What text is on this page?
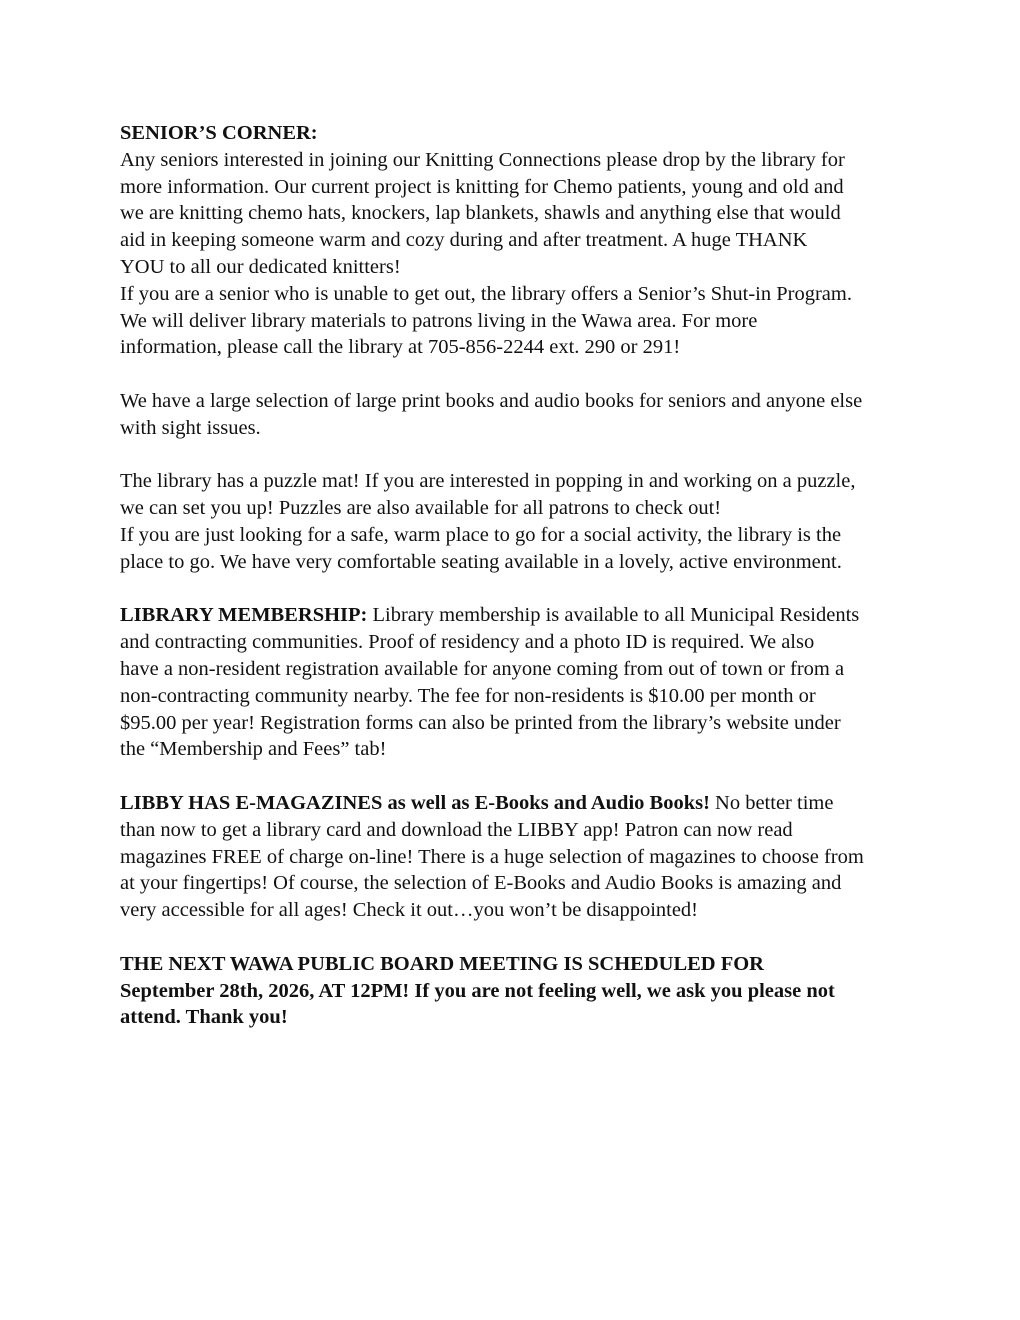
SENIOR’S CORNER:

Any seniors interested in joining our Knitting Connections please drop by the library for

more information. Our current project is knitting for Chemo patients, young and old and

we are knitting chemo hats, knockers, lap blankets, shawls and anything else that would

aid in keeping someone warm and cozy during and after treatment. A huge THANK

YOU to all our dedicated knitters!

If you are a senior who is unable to get out, the library offers a Senior’s Shut-in Program.

We will deliver library materials to patrons living in the Wawa area. For more

information, please call the library at 705-856-2244 ext. 290 or 291!

We have a large selection of large print books and audio books for seniors and anyone else

with sight issues.

The library has a puzzle mat! If you are interested in popping in and working on a puzzle,

we can set you up! Puzzles are also available for all patrons to check out!

If you are just looking for a safe, warm place to go for a social activity, the library is the

place to go. We have very comfortable seating available in a lovely, active environment.

LIBRARY MEMBERSHIP: Library membership is available to all Municipal Residents

and contracting communities. Proof of residency and a photo ID is required. We also

have a non-resident registration available for anyone coming from out of town or from a

non-contracting community nearby. The fee for non-residents is $10.00 per month or

$95.00 per year! Registration forms can also be printed from the library’s website under

the “Membership and Fees” tab!

LIBBY HAS E-MAGAZINES as well as E-Books and Audio Books! No better time

than now to get a library card and download the LIBBY app! Patron can now read

magazines FREE of charge on-line! There is a huge selection of magazines to choose from

at your fingertips! Of course, the selection of E-Books and Audio Books is amazing and

very accessible for all ages! Check it out…you won’t be disappointed!

THE NEXT WAWA PUBLIC BOARD MEETING IS SCHEDULED FOR

September 28th, 2026, AT 12PM! If you are not feeling well, we ask you please not

attend. Thank you!
